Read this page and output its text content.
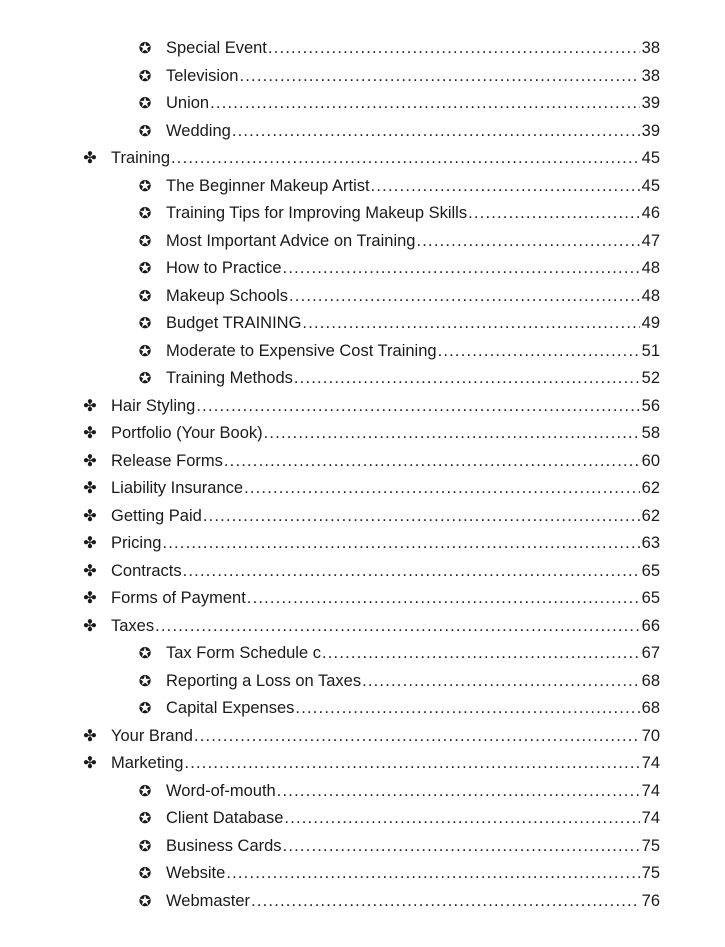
✪ Special Event .....	38
✪ Television .....	38
✪ Union .....	39
✪ Wedding .....	39
✤ Training .....	45
✪ The Beginner Makeup Artist .....	45
✪ Training Tips for Improving Makeup Skills .....	46
✪ Most Important Advice on Training .....	47
✪ How to Practice .....	48
✪ Makeup Schools .....	48
✪ Budget TRAINING .....	49
✪ Moderate to Expensive Cost Training .....	51
✪ Training Methods .....	52
✤ Hair Styling .....	56
✤ Portfolio (Your Book) .....	58
✤ Release Forms .....	60
✤ Liability Insurance .....	62
✤ Getting Paid .....	62
✤ Pricing .....	63
✤ Contracts .....	65
✤ Forms of Payment .....	65
✤ Taxes .....	66
✪ Tax Form Schedule c .....	67
✪ Reporting a Loss on Taxes .....	68
✪ Capital Expenses .....	68
✤ Your Brand .....	70
✤ Marketing .....	74
✪ Word-of-mouth .....	74
✪ Client Database .....	74
✪ Business Cards .....	75
✪ Website .....	75
✪ Webmaster .....	76
